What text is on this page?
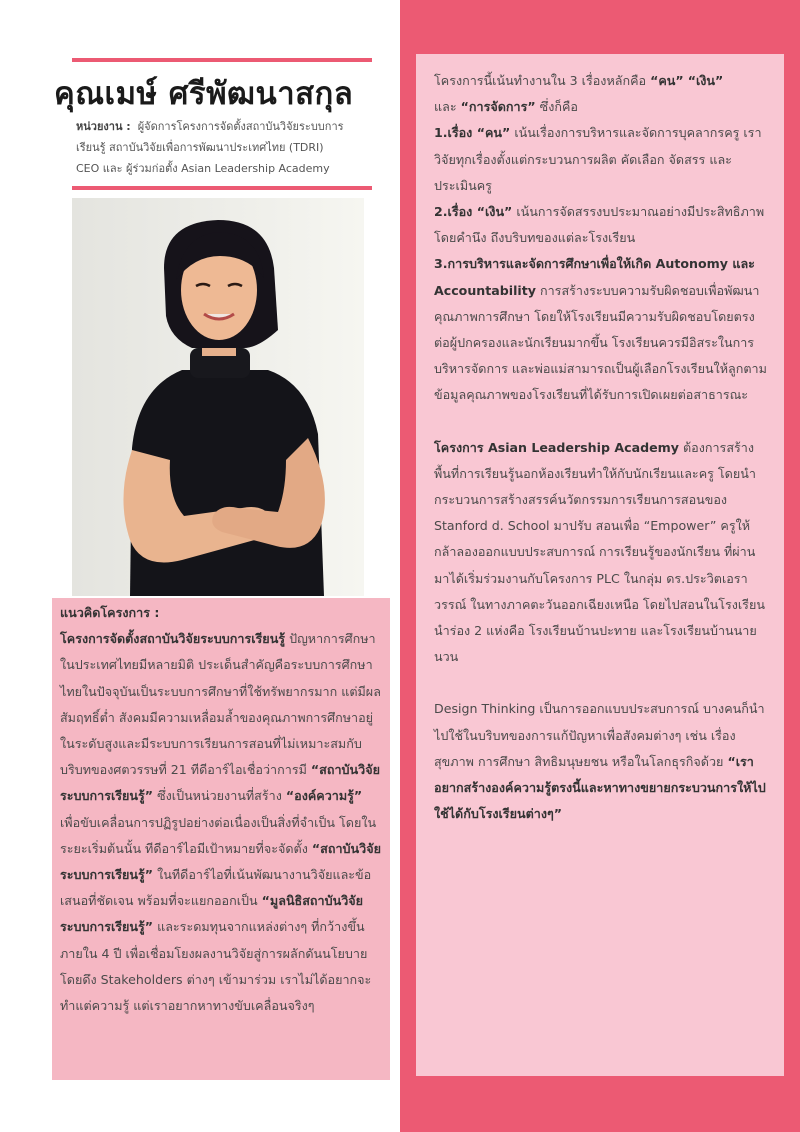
คุณเมษ์ ศรีพัฒนาสกุล
หน่วยงาน : ผู้จัดการโครงการจัดตั้งสถาบันวิจัยระบบการ
เรียนรู้ สถาบันวิจัยเพื่อการพัฒนาประเทศไทย (TDRI)
CEO และ ผู้ร่วมก่อตั้ง Asian Leadership Academy

แนวคิดโครงการ :

โครงการจัดตั้งสถาบันวิจัยระบบการเรียนรู้ ปัญหาการศึกษาในประเทศไทยมีหลายมิติ ประเด็นสำคัญคือระบบการศึกษาไทยในปัจจุบันเป็นระบบการศึกษาที่ใช้ทรัพยากรมาก แต่มีผลสัมฤทธิ์ต่ำ สังคมมีความเหลื่อมล้ำของคุณภาพการศึกษาอยู่ในระดับสูงและมีระบบการเรียนการสอนที่ไม่เหมาะสมกับบริบทของศตวรรษที่ 21 ทีดีอาร์ไอเชื่อว่าการมี “สถาบันวิจัยระบบการเรียนรู้” ซึ่งเป็นหน่วยงานที่สร้าง “องค์ความรู้” เพื่อขับเคลื่อนการปฏิรูปอย่างต่อเนื่องเป็นสิ่งที่จำเป็น โดยในระยะเริ่มต้นนั้น ทีดีอาร์ไอมีเป้าหมายที่จะจัดตั้ง “สถาบันวิจัยระบบการเรียนรู้” ในทีดีอาร์ไอที่เน้นพัฒนางานวิจัยและข้อเสนอที่ชัดเจน พร้อมที่จะแยกออกเป็น “มูลนิธิสถาบันวิจัยระบบการเรียนรู้” และระดมทุนจากแหล่งต่างๆ ที่กว้างขึ้นภายใน 4 ปี เพื่อเชื่อมโยงผลงานวิจัยสู่การผลักดันนโยบาย โดยดึง Stakeholders ต่างๆ เข้ามาร่วม เราไม่ได้อยากจะทำแต่ความรู้ แต่เราอยากหาทางขับเคลื่อนจริงๆ

โครงการนี้เน้นทำงานใน 3 เรื่องหลักคือ “คน” “เงิน”
และ “การจัดการ” ซึ่งก็คือ

1.เรื่อง “คน” เน้นเรื่องการบริหารและจัดการบุคลากรครู เราวิจัยทุกเรื่องตั้งแต่กระบวนการผลิต คัดเลือก จัดสรร และประเมินครู

2.เรื่อง “เงิน” เน้นการจัดสรรงบประมาณอย่างมีประสิทธิภาพโดยคำนึง ถึงบริบทของแต่ละโรงเรียน

3.การบริหารและจัดการศึกษาเพื่อให้เกิด Autonomy และ Accountability การสร้างระบบความรับผิดชอบเพื่อพัฒนาคุณภาพการศึกษา โดยให้โรงเรียนมีความรับผิดชอบโดยตรงต่อผู้ปกครองและนักเรียนมากขึ้น โรงเรียนควรมีอิสระในการบริหารจัดการ และพ่อแม่สามารถเป็นผู้เลือกโรงเรียนให้ลูกตามข้อมูลคุณภาพของโรงเรียนที่ได้รับการเปิดเผยต่อสาธารณะ

โครงการ Asian Leadership Academy ต้องการสร้างพื้นที่การเรียนรู้นอกห้องเรียนทำให้กับนักเรียนและครู โดยนำกระบวนการสร้างสรรค์นวัตกรรมการเรียนการสอนของ Stanford d. School มาปรับ สอนเพื่อ “Empower” ครูให้กล้าลองออกแบบประสบการณ์ การเรียนรู้ของนักเรียน ที่ผ่านมาได้เริ่มร่วมงานกับโครงการ PLC ในกลุ่ม ดร.ประวิตเอราวรรณ์ ในทางภาคตะวันออกเฉียงเหนือ โดยไปสอนในโรงเรียนนำร่อง 2 แห่งคือ โรงเรียนบ้านปะทาย และโรงเรียนบ้านนายนวน

Design Thinking เป็นการออกแบบประสบการณ์ บางคนก็นำไปใช้ในบริบทของการแก้ปัญหาเพื่อสังคมต่างๆ เช่น เรื่องสุขภาพ การศึกษา สิทธิมนุษยชน หรือในโลกธุรกิจด้วย “เราอยากสร้างองค์ความรู้ตรงนี้และหาทางขยายกระบวนการให้ไปใช้ได้กับโรงเรียนต่างๆ”
